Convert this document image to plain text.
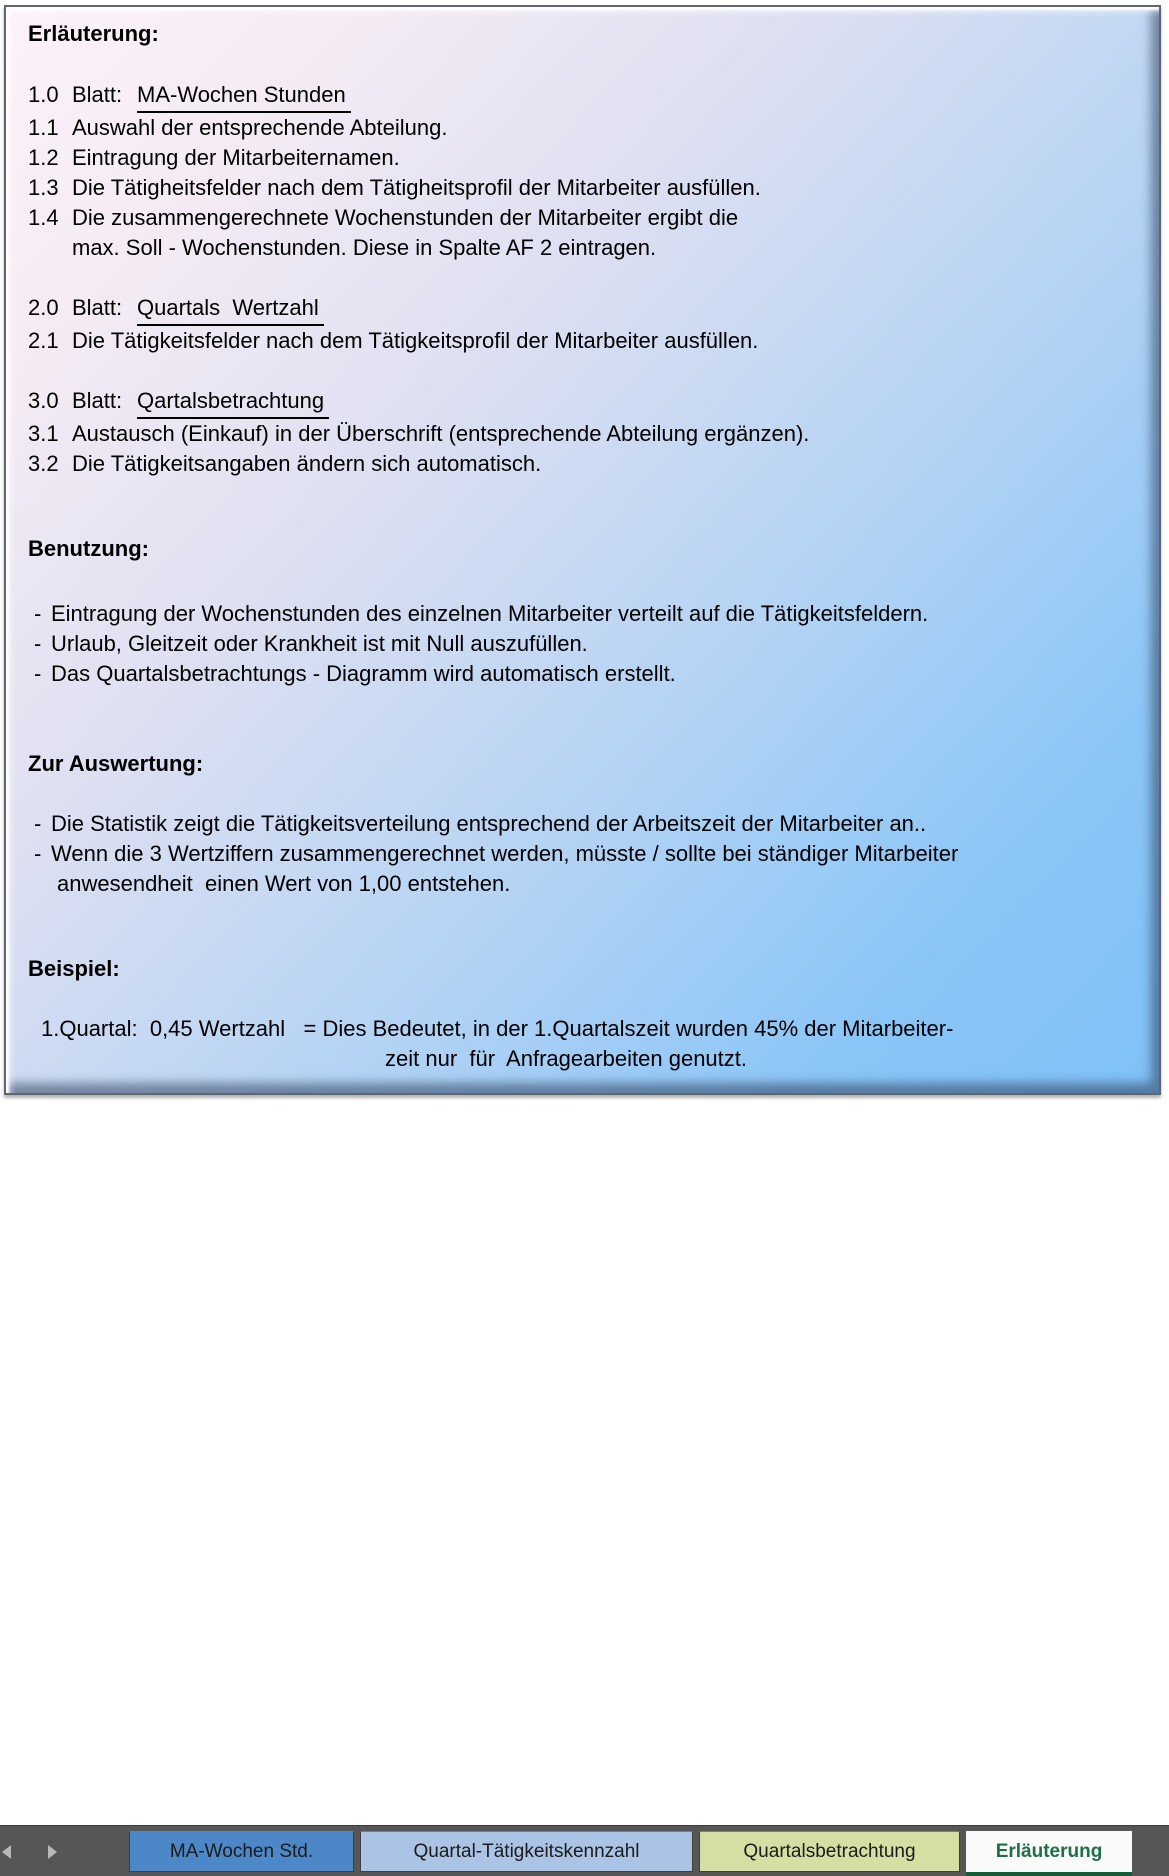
Erläuterung:
1.0 Blatt: MA-Wochen Stunden
1.1 Auswahl der entsprechende Abteilung.
1.2 Eintragung der Mitarbeiternamen.
1.3 Die Tätigheitsfelder nach dem Tätigheitsprofil der Mitarbeiter ausfüllen.
1.4 Die zusammengerechnete Wochenstunden der Mitarbeiter ergibt die
max. Soll - Wochenstunden. Diese in Spalte AF 2 eintragen.
2.0 Blatt: Quartals  Wertzahl
2.1 Die Tätigkeitsfelder nach dem Tätigkeitsprofil der Mitarbeiter ausfüllen.
3.0 Blatt: Qartalsbetrachtung
3.1 Austausch (Einkauf) in der Überschrift (entsprechende Abteilung ergänzen).
3.2 Die Tätigkeitsangaben ändern sich automatisch.
Benutzung:
- Eintragung der Wochenstunden des einzelnen Mitarbeiter verteilt auf die Tätigkeitsfeldern.
- Urlaub, Gleitzeit oder Krankheit ist mit Null auszufüllen.
- Das Quartalsbetrachtungs - Diagramm wird automatisch erstellt.
Zur Auswertung:
- Die Statistik zeigt die Tätigkeitsverteilung entsprechend der Arbeitszeit der Mitarbeiter an..
- Wenn die 3 Wertziffern zusammengerechnet werden, müsste / sollte bei ständiger Mitarbeiter
anwesendheit  einen Wert von 1,00 entstehen.
Beispiel:
1.Quartal:  0,45 Wertzahl   = Dies Bedeutet, in der 1.Quartalszeit wurden 45% der Mitarbeiter-
zeit nur  für  Anfragearbeiten genutzt.
MA-Wochen Std.	Quartal-Tätigkeitskennzahl	Quartalsbetrachtung	Erläuterung
